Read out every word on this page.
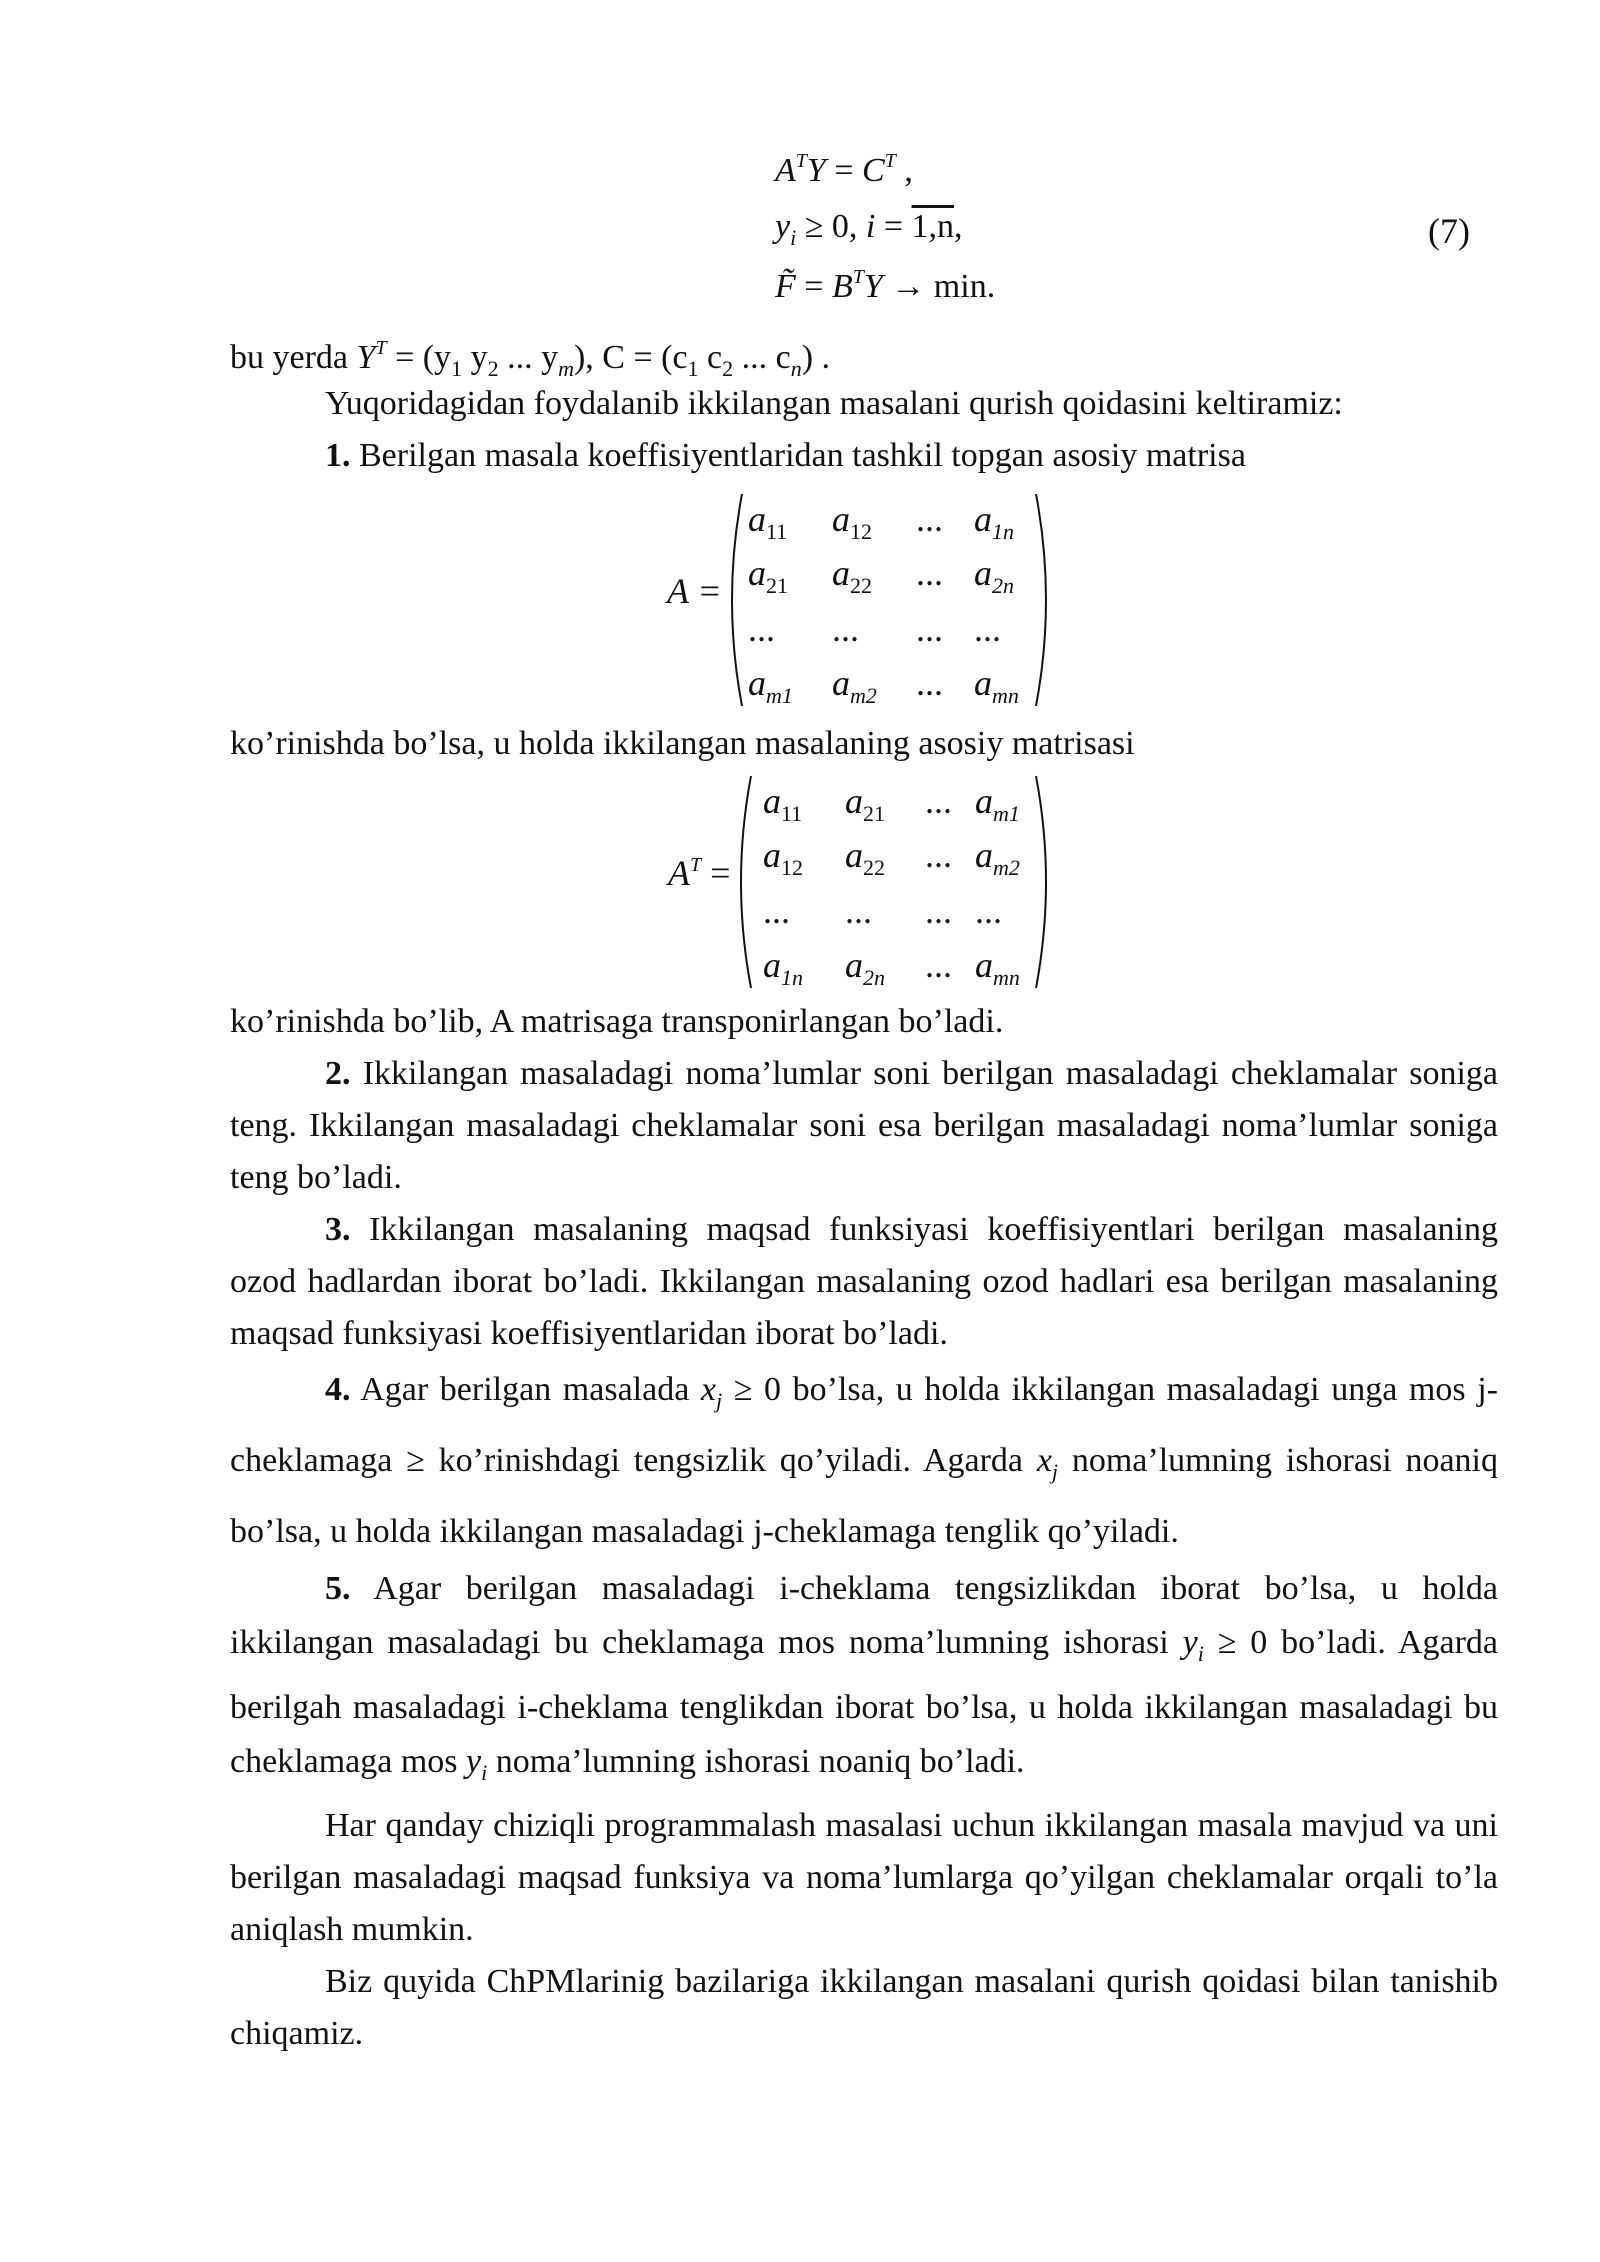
$A^TY = C^T$ ,
$y_i \ge 0$, i = 1,n,
F̃ = $B^TY \to \min$.
(7)
bu yerda $Y^T = (y_1$ $y_2$ ... $y_m$), $C = (c_1$ $c_2$ ... $c_n$) .
Yuqoridagidan foydalanib ikkilangan masalani qurish qoidasini keltiramiz:
1. Berilgan masala koeffisiyentlaridan tashkil topgan asosiy matrisa
A =
$a_{11}$ $a_{12}$ ... $a_{1n}$
$a_{21}$ $a_{22}$ ... $a_{2n}$
... ... ... ...
$a_{m1}$ $a_{m2}$ ... $a_{mn}$
ko’rinishda bo’lsa, u holda ikkilangan masalaning asosiy matrisasi
$A^T$ =
$a_{11}$ $a_{21}$ ... $a_{m1}$
$a_{12}$ $a_{22}$ ... $a_{m2}$
... ... ... ...
$a_{1n}$ $a_{2n}$ ... $a_{mn}$
ko’rinishda bo’lib, A matrisaga transponirlangan bo’ladi.

2. Ikkilangan masaladagi noma’lumlar soni berilgan masaladagi cheklamalar soniga teng. Ikkilangan masaladagi cheklamalar soni esa berilgan masaladagi noma’lumlar soniga teng bo’ladi.

3. Ikkilangan masalaning maqsad funksiyasi koeffisiyentlari berilgan masalaning ozod hadlardan iborat bo’ladi. Ikkilangan masalaning ozod hadlari esa berilgan masalaning maqsad funksiyasi koeffisiyentlaridan iborat bo’ladi.

4. Agar berilgan masalada $x_j \ge 0$ bo’lsa, u holda ikkilangan masaladagi unga mos j-cheklamaga ≥ ko’rinishdagi tengsizlik qo’yiladi. Agarda $x_j$ noma’lumning ishorasi noaniq bo’lsa, u holda ikkilangan masaladagi j-cheklamaga tenglik qo’yiladi.

5. Agar berilgan masaladagi i-cheklama tengsizlikdan iborat bo’lsa, u holda ikkilangan masaladagi bu cheklamaga mos noma’lumning ishorasi $y_i \ge 0$ bo’ladi. Agarda berilgah masaladagi i-cheklama tenglikdan iborat bo’lsa, u holda ikkilangan masaladagi bu cheklamaga mos $y_i$ noma’lumning ishorasi noaniq bo’ladi.

Har qanday chiziqli programmalash masalasi uchun ikkilangan masala mavjud va uni berilgan masaladagi maqsad funksiya va noma’lumlarga qo’yilgan cheklamalar orqali to’la aniqlash mumkin.

Biz quyida ChPMlarinig bazilariga ikkilangan masalani qurish qoidasi bilan tanishib chiqamiz.
